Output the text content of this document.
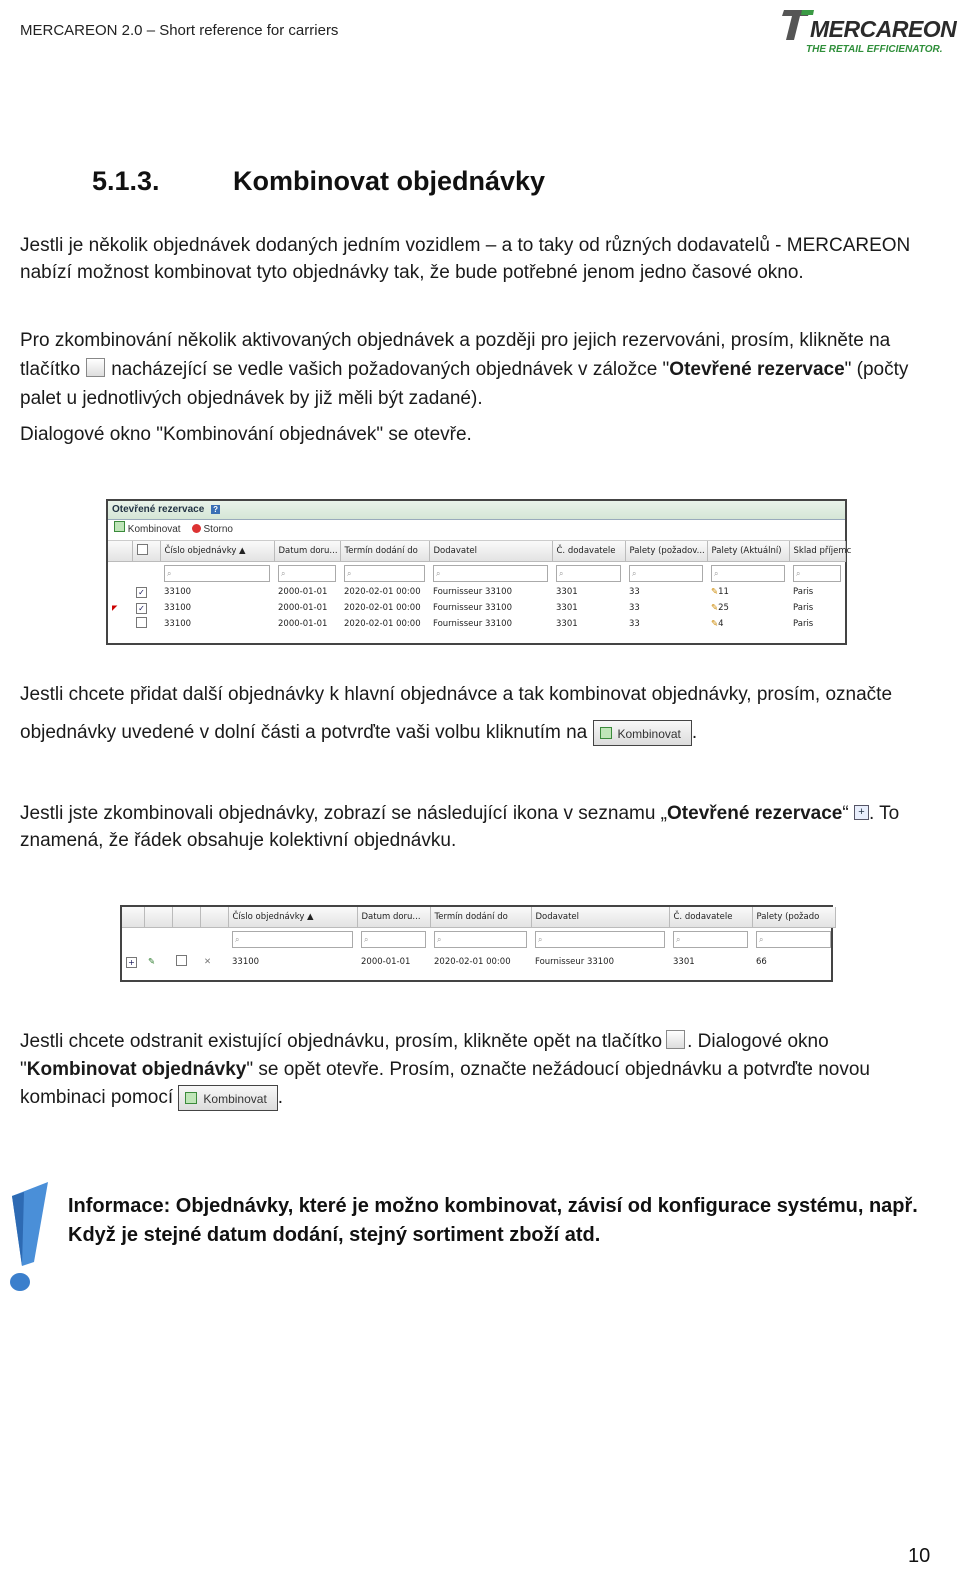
MERCAREON 2.0 – Short reference for carriers	MERCAREON
THE RETAIL EFFICIENATOR.
5.1.3.	Kombinovat objednávky
Jestli je několik objednávek dodaných jedním vozidlem – a to taky od různých dodavatelů - MERCAREON nabízí možnost kombinovat tyto objednávky tak, že bude potřebné jenom jedno časové okno.
Pro zkombinování několik aktivovaných objednávek a později pro jejich rezervováni, prosím, klikněte na tlačítko nacházející se vedle vašich požadovaných objednávek v záložce "Otevřené rezervace" (počty palet u jednotlivých objednávek by již měli být zadané).
Dialogové okno "Kombinování objednávek" se otevře.
Otevřené rezervace ?
Kombinovat Storno
		Číslo objednávky ▲	Datum doru...	Termín dodání do	Dodavatel	Č. dodavatele	Palety (požadov...	Palety (Aktuální)	Sklad příjemc

		⌕	⌕	⌕	⌕	⌕	⌕	⌕	⌕

	✓	33100	2000-01-01	2020-02-01 00:00	Fournisseur 33100	3301	33	✎11	Paris
◤	✓	33100	2000-01-01	2020-02-01 00:00	Fournisseur 33100	3301	33	✎25	Paris
		33100	2000-01-01	2020-02-01 00:00	Fournisseur 33100	3301	33	✎4	Paris
Jestli chcete přidat další objednávky k hlavní objednávce a tak kombinovat objednávky, prosím, označte objednávky uvedené v dolní části a potvrďte vaši volbu kliknutím na	Kombinovat .
Jestli jste zkombinovali objednávky, zobrazí se následující ikona v seznamu „Otevřené rezervace“ + . To znamená, že řádek obsahuje kolektivní objednávku.
				Číslo objednávky ▲	Datum doru...	Termín dodání do	Dodavatel	Č. dodavatele	Palety (požado

				⌕	⌕	⌕	⌕	⌕	⌕

+	✎		✕	33100	2000-01-01	2020-02-01 00:00	Fournisseur 33100	3301	66
Jestli chcete odstranit existující objednávku, prosím, klikněte opět na tlačítko . Dialogové okno "Kombinovat objednávky" se opět otevře. Prosím, označte nežádoucí objednávku a potvrďte novou kombinaci pomocí	Kombinovat .
Informace: Objednávky, které je možno kombinovat, závisí od konfigurace systému, např. Když je stejné datum dodání, stejný sortiment zboží atd.
10
